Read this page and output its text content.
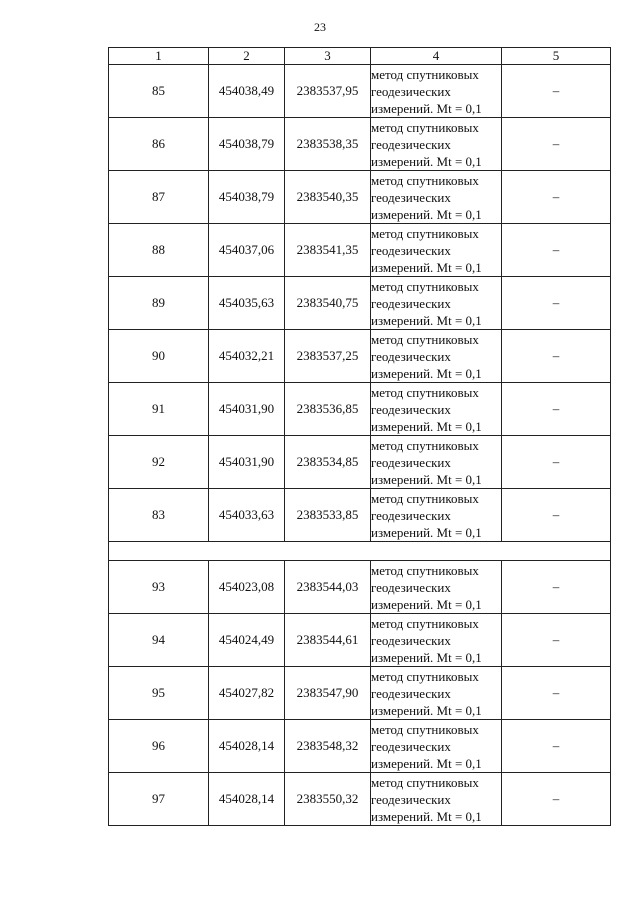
23
1	2	3	4	5
85	454038,49	2383537,95	метод спутниковых
геодезических
измерений. Mt = 0,1	–
86	454038,79	2383538,35	метод спутниковых
геодезических
измерений. Mt = 0,1	–
87	454038,79	2383540,35	метод спутниковых
геодезических
измерений. Mt = 0,1	–
88	454037,06	2383541,35	метод спутниковых
геодезических
измерений. Mt = 0,1	–
89	454035,63	2383540,75	метод спутниковых
геодезических
измерений. Mt = 0,1	–
90	454032,21	2383537,25	метод спутниковых
геодезических
измерений. Mt = 0,1	–
91	454031,90	2383536,85	метод спутниковых
геодезических
измерений. Mt = 0,1	–
92	454031,90	2383534,85	метод спутниковых
геодезических
измерений. Mt = 0,1	–
83	454033,63	2383533,85	метод спутниковых
геодезических
измерений. Mt = 0,1	–

93	454023,08	2383544,03	метод спутниковых
геодезических
измерений. Mt = 0,1	–
94	454024,49	2383544,61	метод спутниковых
геодезических
измерений. Mt = 0,1	–
95	454027,82	2383547,90	метод спутниковых
геодезических
измерений. Mt = 0,1	–
96	454028,14	2383548,32	метод спутниковых
геодезических
измерений. Mt = 0,1	–
97	454028,14	2383550,32	метод спутниковых
геодезических
измерений. Mt = 0,1	–
